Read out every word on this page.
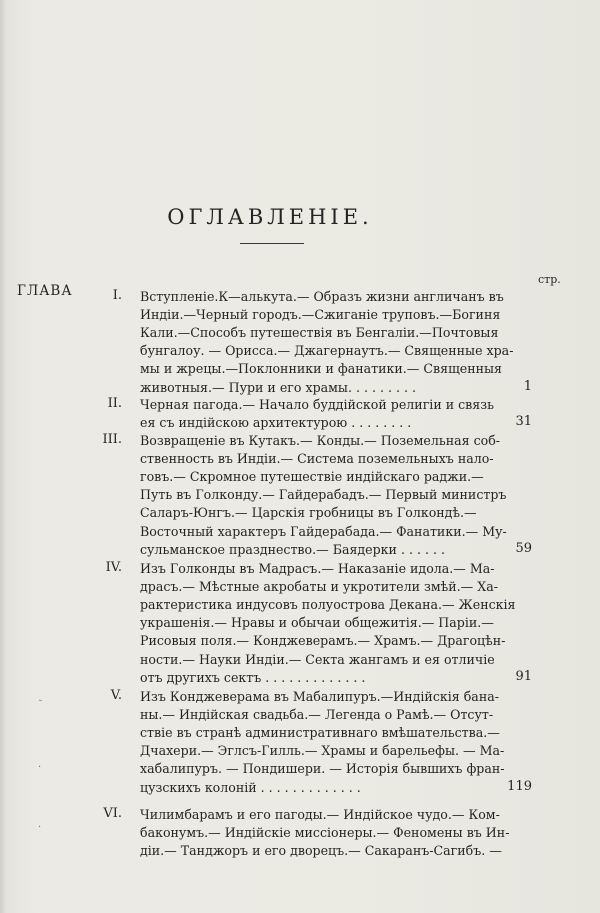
ОГЛАВЛЕНІЕ.
ГЛАВА
стр.
I. Вступленіе.К—алькута.— Образъ жизни англичанъ въ
Индіи.—Черный городъ.—Сжиганіе труповъ.—Богиня
Кали.—Способъ путешествія въ Бенгаліи.—Почтовыя
бунгалоу. — Орисса.— Джагернаутъ.— Священные хра-
мы и жрецы.—Поклонники и фанатики.— Священныя
животныя.— Пури и его храмы. . . . . . . . .	1
II. Черная пагода.— Начало буддійской религіи и связь
ея съ индійскою архитектурою . . . . . . . .	31
III. Возвращеніе въ Кутакъ.— Конды.— Поземельная соб-
ственность въ Индіи.— Система поземельныхъ нало-
говъ.— Скромное путешествіе индійскаго раджи.—
Путь въ Голконду.— Гайдерабадъ.— Первый министръ
Саларъ-Юнгъ.— Царскія гробницы въ Голкондѣ.—
Восточный характеръ Гайдерабада.— Фанатики.— Му-
сульманское празднество.— Баядерки . . . . . .	59
IV. Изъ Голконды въ Мадрасъ.— Наказаніе идола.— Ма-
драсъ.— Мѣстные акробаты и укротители змѣй.— Ха-
рактеристика индусовъ полуострова Декана.— Женскія
украшенія.— Нравы и обычаи общежитія.— Паріи.—
Рисовыя поля.— Конджеверамъ.— Храмъ.— Драгоцѣн-
ности.— Науки Индіи.— Секта жангамъ и ея отличіе
отъ другихъ сектъ . . . . . . . . . . . . .	91
V. Изъ Конджеверама въ Мабалипуръ.—Индійскія бана-
ны.— Индійская свадьба.— Легенда о Рамѣ.— Отсут-
ствіе въ странѣ административнаго вмѣшательства.—
Дчахери.— Эглсъ-Гилль.— Храмы и барельефы. — Ма-
хабалипуръ. — Пондишери. — Исторія бывшихъ фран-
цузскихъ колоній . . . . . . . . . . . . .	119
VI. Чилимбарамъ и его пагоды.— Индійское чудо.— Ком-
баконумъ.— Индійскіе миссіонеры.— Феномены въ Ин-
діи.— Танджоръ и его дворецъ.— Сакаранъ-Сагибъ. —
˘
·
·
